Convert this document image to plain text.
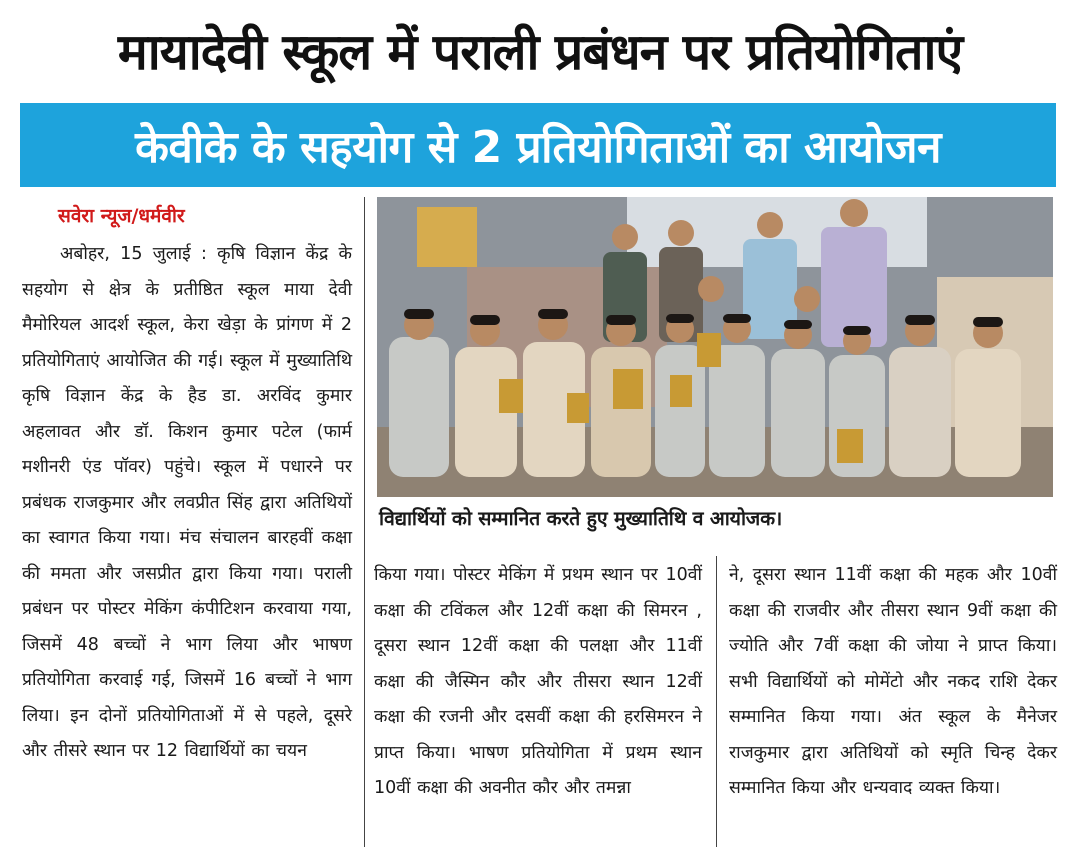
मायादेवी स्कूल में पराली प्रबंधन पर प्रतियोगिताएं
केवीके के सहयोग से 2 प्रतियोगिताओं का आयोजन
सवेरा न्यूज/धर्मवीर
अबोहर, 15 जुलाई : कृषि विज्ञान केंद्र के सहयोग से क्षेत्र के प्रतीष्ठित स्कूल माया देवी मैमोरियल आदर्श स्कूल, केरा खेड़ा के प्रांगण में 2 प्रतियोगिताएं आयोजित की गई। स्कूल में मुख्यातिथि कृषि विज्ञान केंद्र के हैड डा. अरविंद कुमार अहलावत और डॉ. किशन कुमार पटेल (फार्म मशीनरी एंड पॉवर) पहुंचे। स्कूल में पधारने पर प्रबंधक राजकुमार और लवप्रीत सिंह द्वारा अतिथियों का स्वागत किया गया। मंच संचालन बारहवीं कक्षा की ममता और जसप्रीत द्वारा किया गया। पराली प्रबंधन पर पोस्टर मेकिंग कंपीटिशन करवाया गया, जिसमें 48 बच्चों ने भाग लिया और भाषण प्रतियोगिता करवाई गई, जिसमें 16 बच्चों ने भाग लिया। इन दोनों प्रतियोगिताओं में से पहले, दूसरे और तीसरे स्थान पर 12 विद्यार्थियों का चयन
विद्यार्थियों को सम्मानित करते हुए मुख्यातिथि व आयोजक।
किया गया। पोस्टर मेकिंग में प्रथम स्थान पर 10वीं कक्षा की टविंकल और 12वीं कक्षा की सिमरन , दूसरा स्थान 12वीं कक्षा की पलक्षा और 11वीं कक्षा की जैस्मिन कौर और तीसरा स्थान 12वीं कक्षा की रजनी और दसवीं कक्षा की हरसिमरन ने प्राप्त किया। भाषण प्रतियोगिता में प्रथम स्थान 10वीं कक्षा की अवनीत कौर और तमन्ना
ने, दूसरा स्थान 11वीं कक्षा की महक और 10वीं कक्षा की राजवीर और तीसरा स्थान 9वीं कक्षा की ज्योति और 7वीं कक्षा की जोया ने प्राप्त किया। सभी विद्यार्थियों को मोमेंटो और नकद राशि देकर सम्मानित किया गया। अंत स्कूल के मैनेजर राजकुमार द्वारा अतिथियों को स्मृति चिन्ह देकर सम्मानित किया और धन्यवाद व्यक्त किया।
